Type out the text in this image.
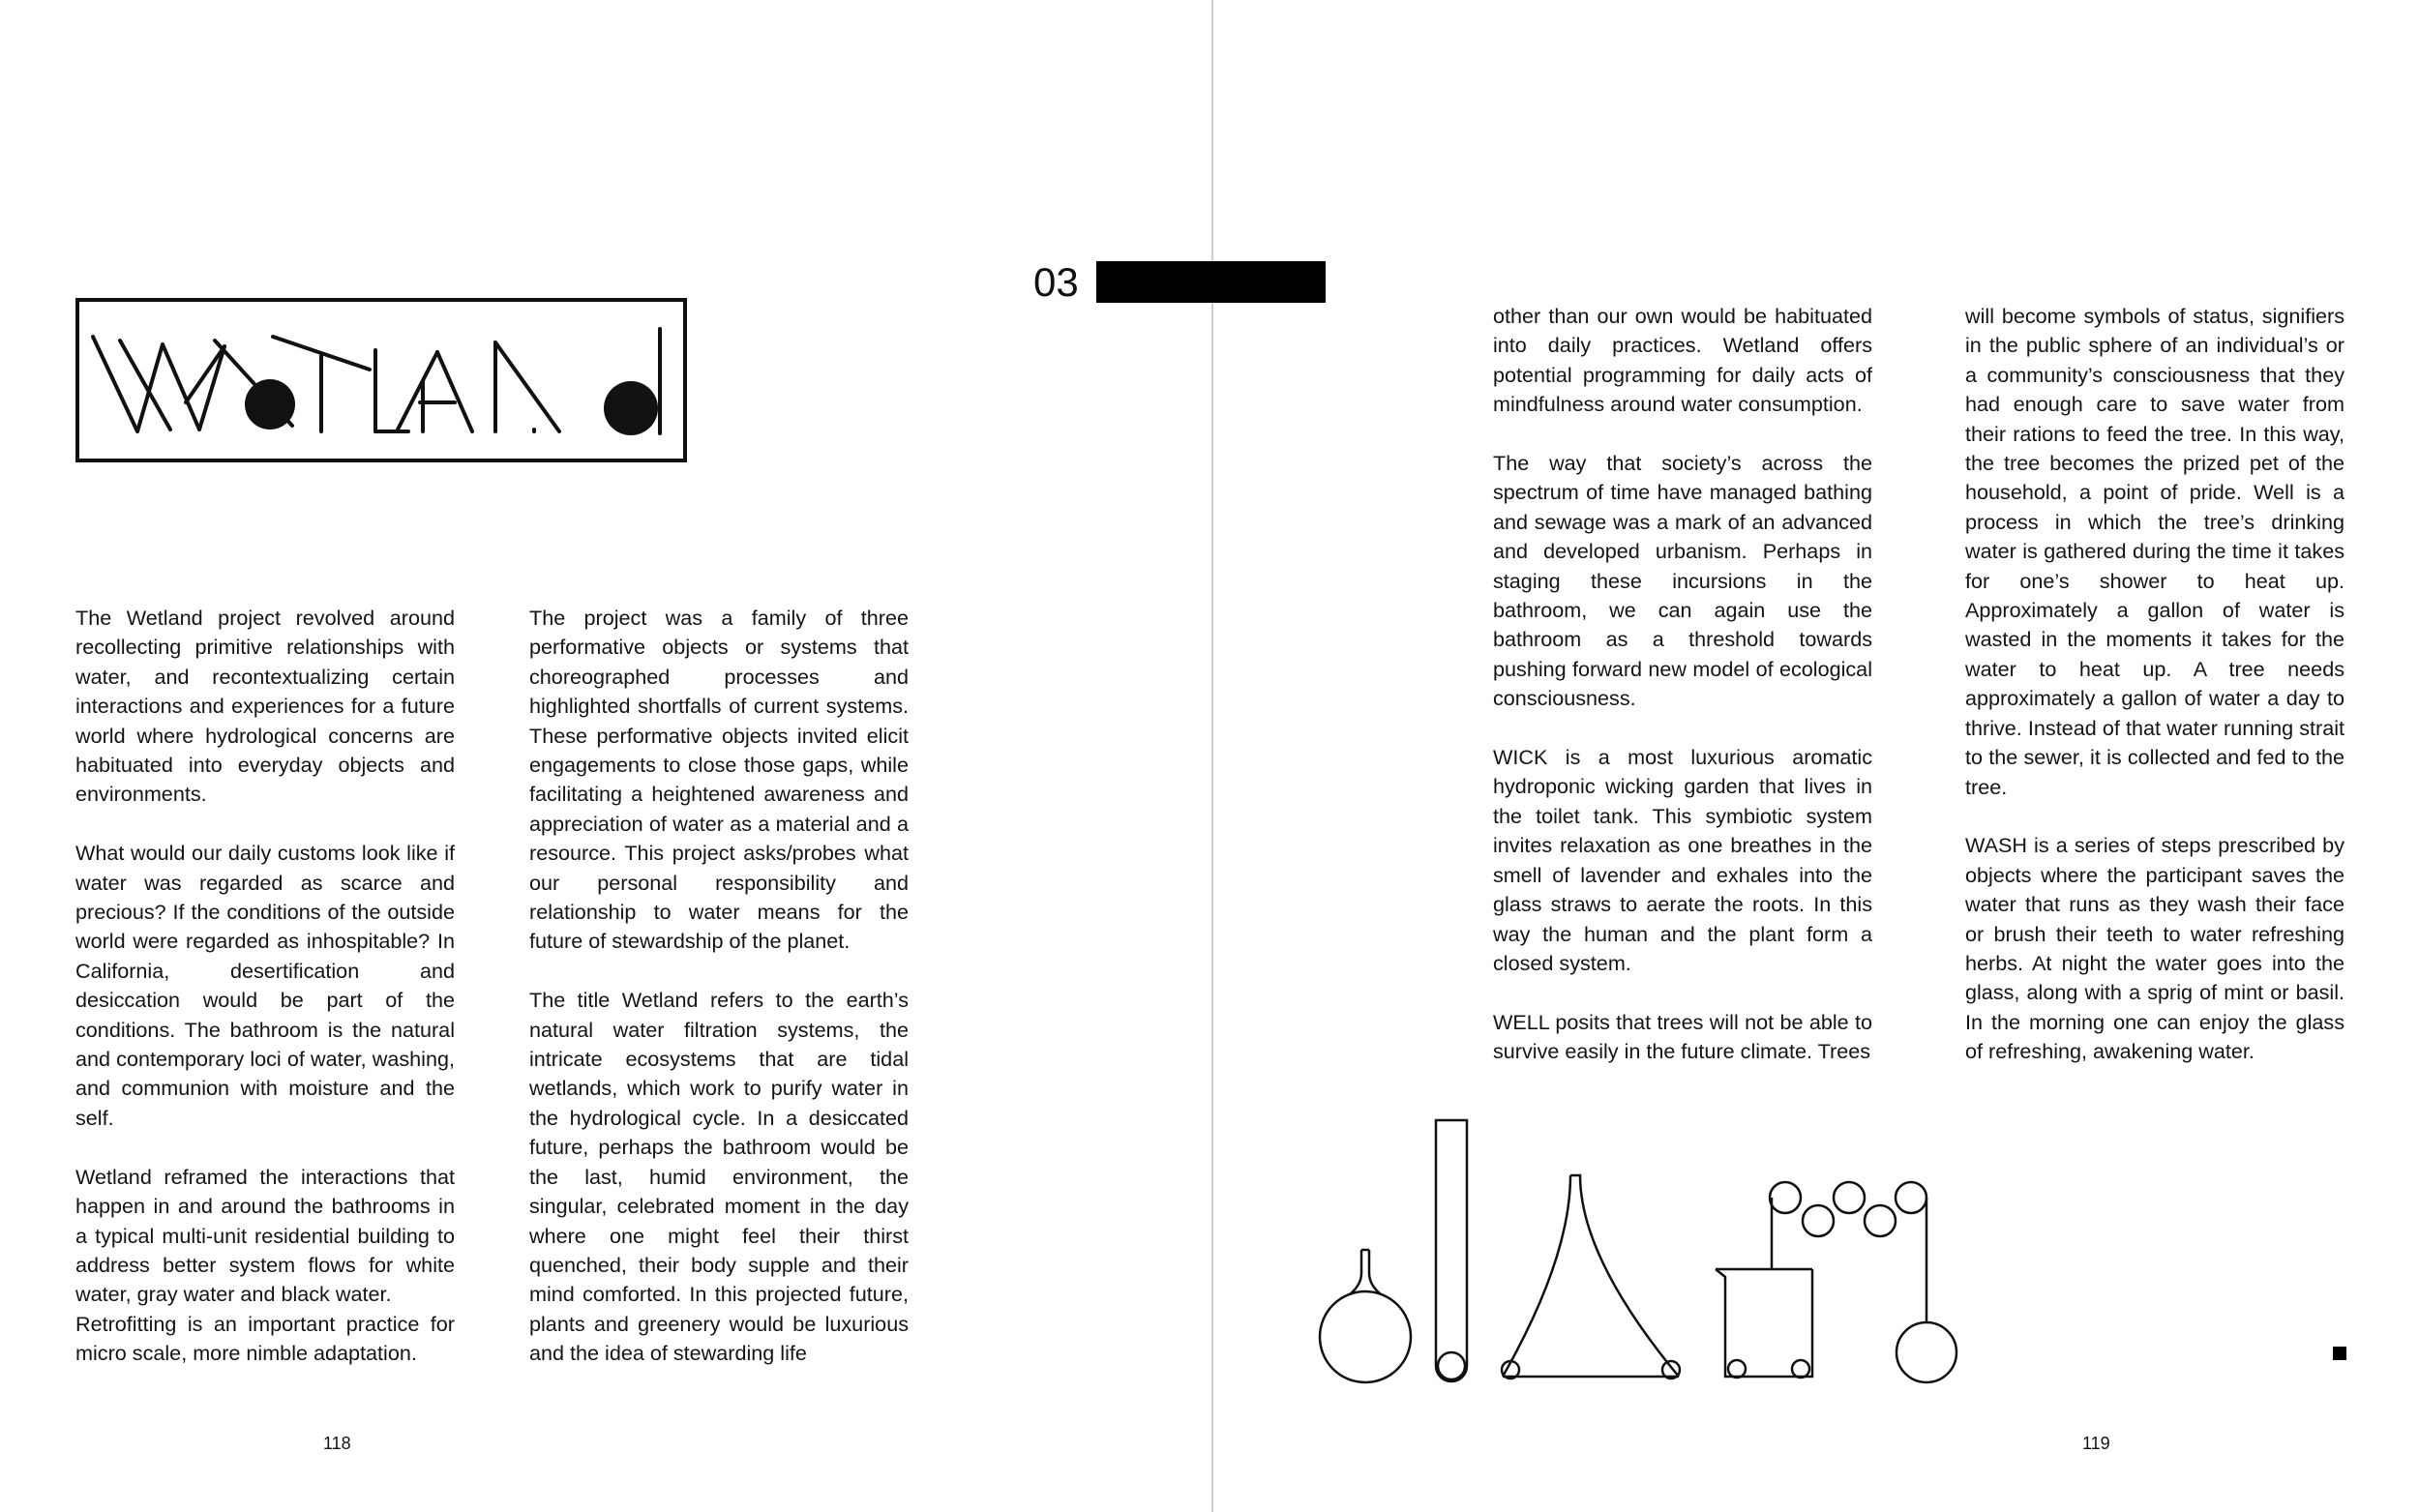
The Wetland project revolved around recollecting primitive relationships with water, and recontextualizing certain interactions and experiences for a future world where hydrological concerns are habituated into everyday objects and environments.

What would our daily customs look like if water was regarded as scarce and precious? If the conditions of the outside world were regarded as inhospitable? In California, desertification and desiccation would be part of the conditions. The bathroom is the natural and contemporary loci of water, washing, and communion with moisture and the self.

Wetland reframed the interactions that happen in and around the bathrooms in a typical multi-unit residential building to address better system flows for white water, gray water and black water.

Retrofitting is an important practice for micro scale, more nimble adaptation.

The project was a family of three performative objects or systems that choreographed processes and highlighted shortfalls of current systems. These performative objects invited elicit engagements to close those gaps, while facilitating a heightened awareness and appreciation of water as a material and a resource. This project asks/probes what our personal responsibility and relationship to water means for the future of stewardship of the planet.

The title Wetland refers to the earth’s natural water filtration systems, the intricate ecosystems that are tidal wetlands, which work to purify water in the hydrological cycle. In a desiccated future, perhaps the bathroom would be the last, humid environment, the singular, celebrated moment in the day where one might feel their thirst quenched, their body supple and their mind comforted. In this projected future, plants and greenery would be luxurious and the idea of stewarding life

118
03

other than our own would be habituated into daily practices. Wetland offers potential programming for daily acts of mindfulness around water consumption.

The way that society’s across the spectrum of time have managed bathing and sewage was a mark of an advanced and developed urbanism. Perhaps in staging these incursions in the bathroom, we can again use the bathroom as a threshold towards pushing forward new model of ecological consciousness.

WICK is a most luxurious aromatic hydroponic wicking garden that lives in the toilet tank. This symbiotic system invites relaxation as one breathes in the smell of lavender and exhales into the glass straws to aerate the roots. In this way the human and the plant form a closed system.

WELL posits that trees will not be able to survive easily in the future climate. Trees

will become symbols of status, signifiers in the public sphere of an individual’s or a community’s consciousness that they had enough care to save water from their rations to feed the tree. In this way, the tree becomes the prized pet of the household, a point of pride. Well is a process in which the tree’s drinking water is gathered during the time it takes for one’s shower to heat up. Approximately a gallon of water is wasted in the moments it takes for the water to heat up. A tree needs approximately a gallon of water a day to thrive. Instead of that water running strait to the sewer, it is collected and fed to the tree.

WASH is a series of steps prescribed by objects where the participant saves the water that runs as they wash their face or brush their teeth to water refreshing herbs. At night the water goes into the glass, along with a sprig of mint or basil. In the morning one can enjoy the glass of refreshing, awakening water.

119
